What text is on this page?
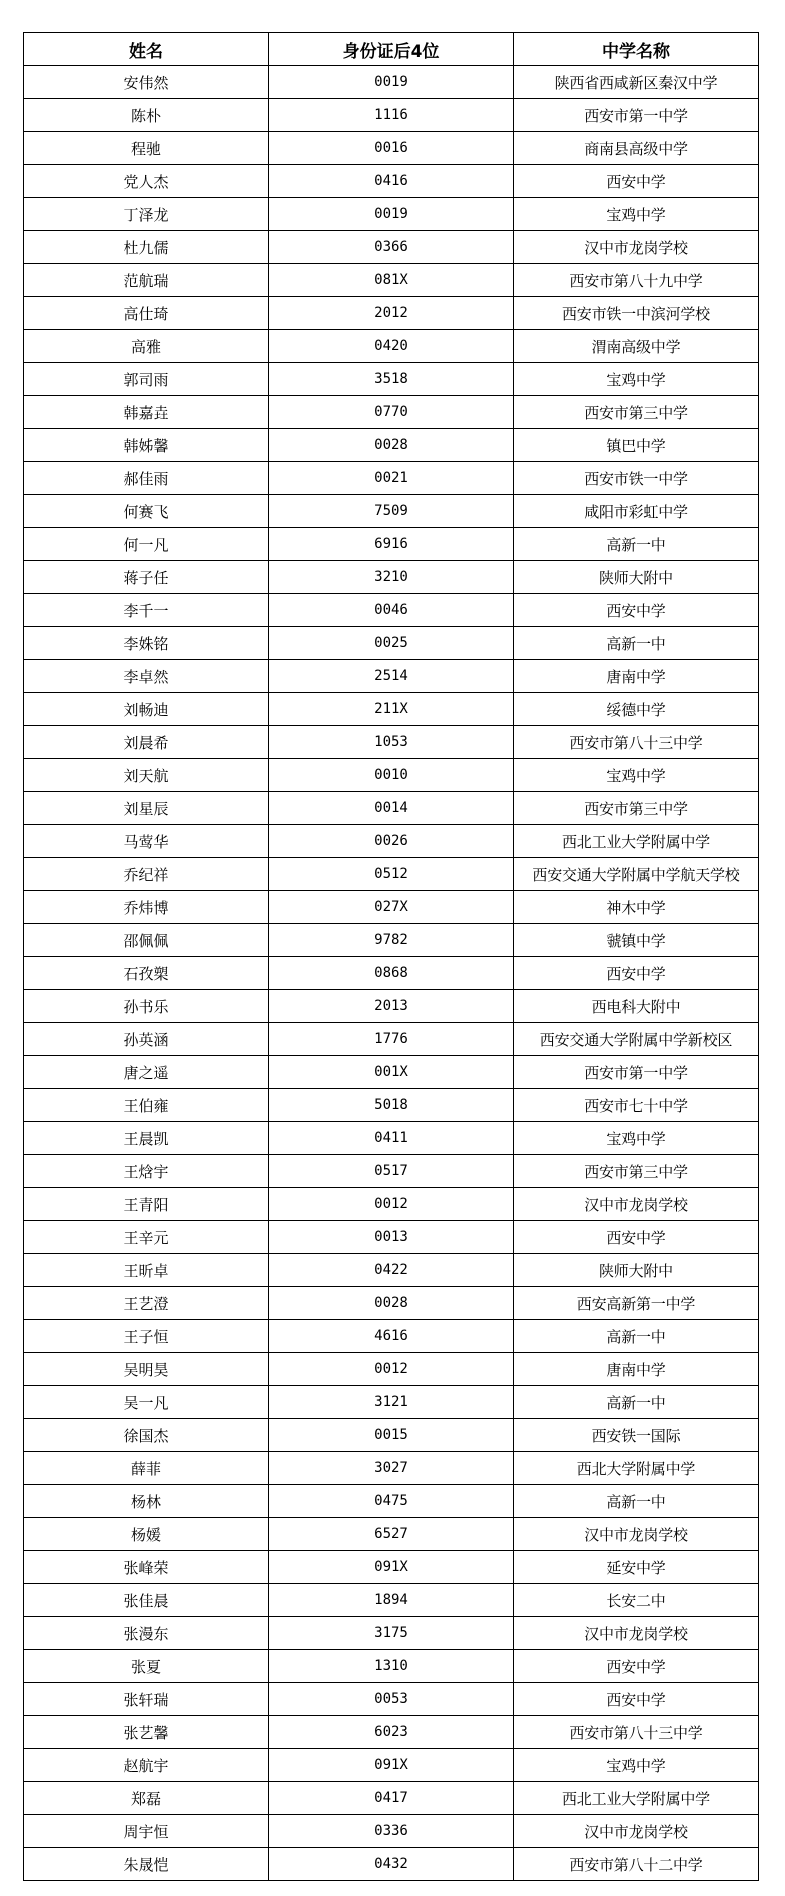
姓名	身份证后4位	中学名称
安伟然	0019	陕西省西咸新区秦汉中学
陈朴	1116	西安市第一中学
程驰	0016	商南县高级中学
党人杰	0416	西安中学
丁泽龙	0019	宝鸡中学
杜九儒	0366	汉中市龙岗学校
范航瑞	081X	西安市第八十九中学
高仕琦	2012	西安市铁一中滨河学校
高雅	0420	渭南高级中学
郭司雨	3518	宝鸡中学
韩嘉垚	0770	西安市第三中学
韩姊馨	0028	镇巴中学
郝佳雨	0021	西安市铁一中学
何赛飞	7509	咸阳市彩虹中学
何一凡	6916	高新一中
蒋子任	3210	陕师大附中
李千一	0046	西安中学
李姝铭	0025	高新一中
李卓然	2514	唐南中学
刘畅迪	211X	绥德中学
刘晨希	1053	西安市第八十三中学
刘天航	0010	宝鸡中学
刘星辰	0014	西安市第三中学
马莺华	0026	西北工业大学附属中学
乔纪祥	0512	西安交通大学附属中学航天学校
乔炜博	027X	神木中学
邵佩佩	9782	虢镇中学
石孜槊	0868	西安中学
孙书乐	2013	西电科大附中
孙英涵	1776	西安交通大学附属中学新校区
唐之遥	001X	西安市第一中学
王伯雍	5018	西安市七十中学
王晨凯	0411	宝鸡中学
王焓宇	0517	西安市第三中学
王青阳	0012	汉中市龙岗学校
王辛元	0013	西安中学
王昕卓	0422	陕师大附中
王艺澄	0028	西安高新第一中学
王子恒	4616	高新一中
吴明昊	0012	唐南中学
吴一凡	3121	高新一中
徐国杰	0015	西安铁一国际
薛菲	3027	西北大学附属中学
杨林	0475	高新一中
杨媛	6527	汉中市龙岗学校
张峰荣	091X	延安中学
张佳晨	1894	长安二中
张漫东	3175	汉中市龙岗学校
张夏	1310	西安中学
张轩瑞	0053	西安中学
张艺馨	6023	西安市第八十三中学
赵航宇	091X	宝鸡中学
郑磊	0417	西北工业大学附属中学
周宇恒	0336	汉中市龙岗学校
朱晟恺	0432	西安市第八十二中学
